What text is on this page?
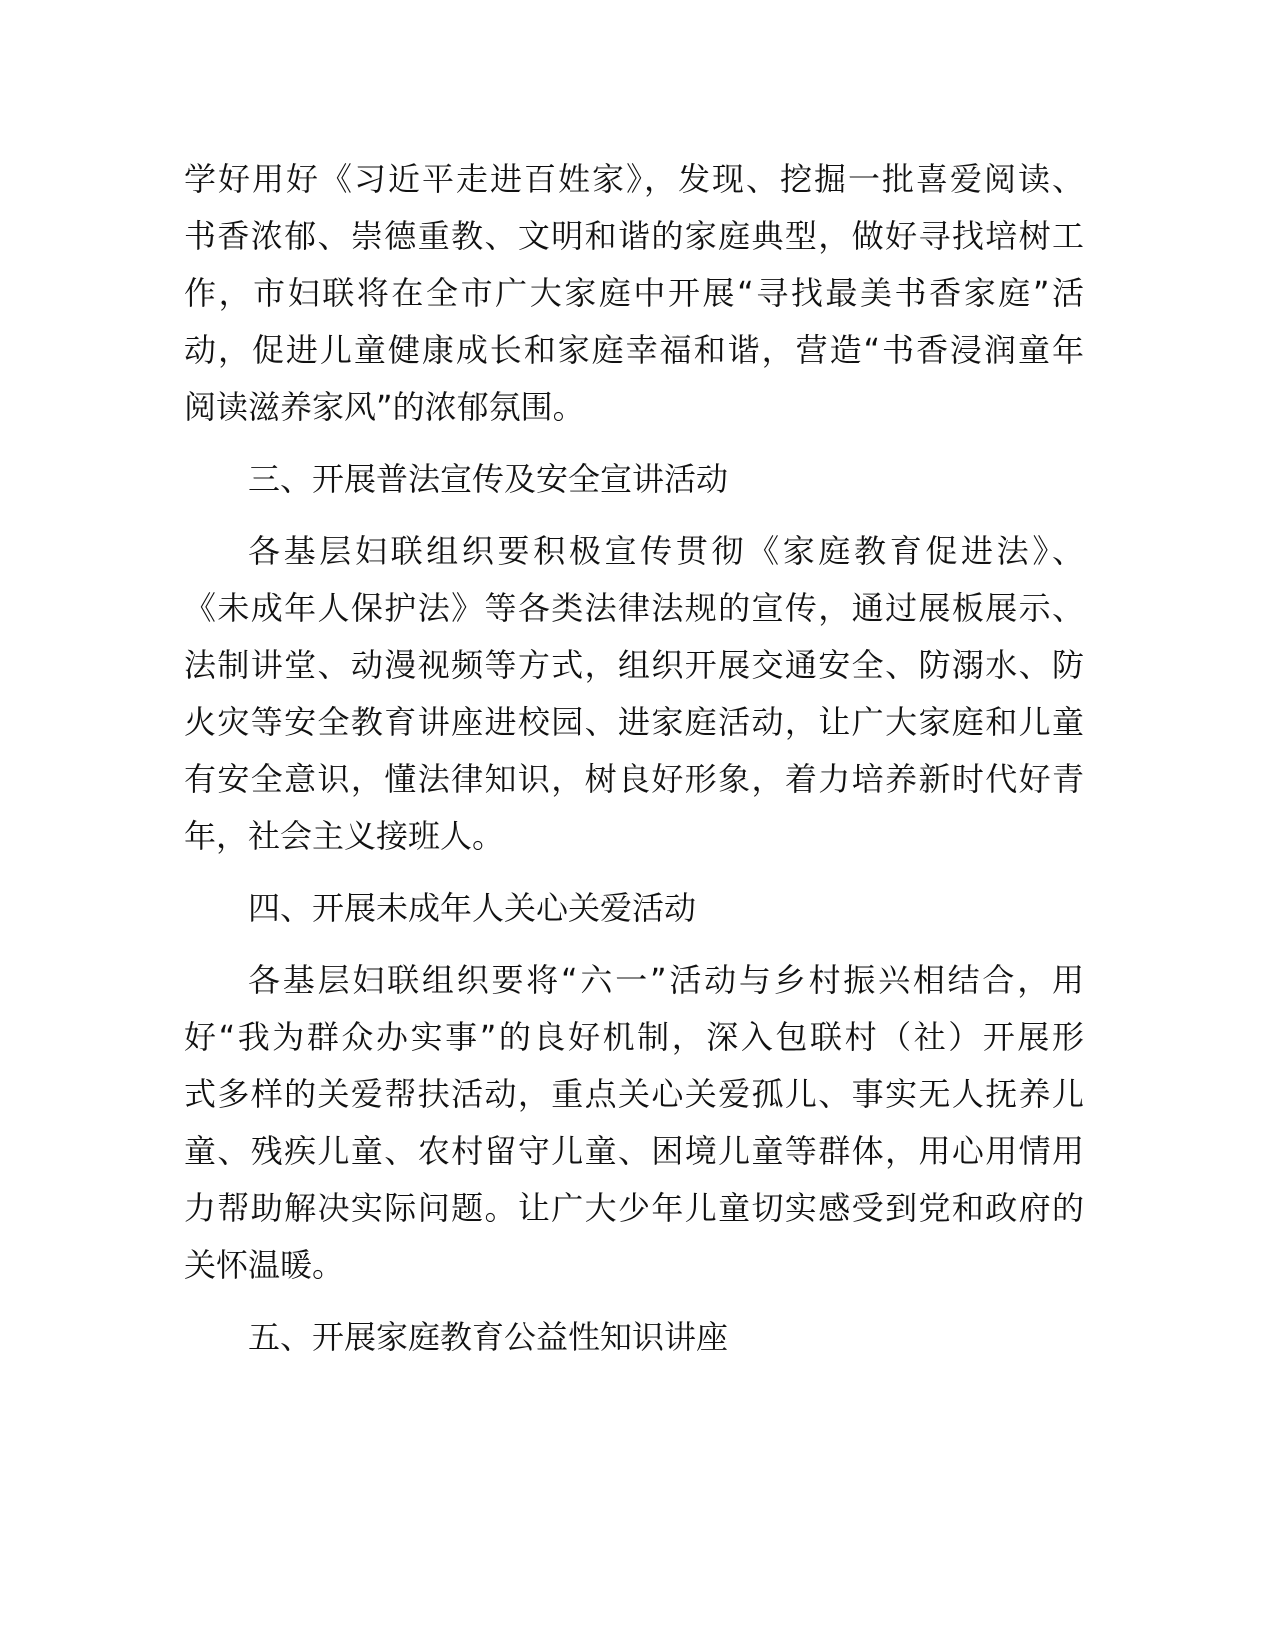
学好用好《习近平走进百姓家》，发现、挖掘一批喜爱阅读、
书香浓郁、崇德重教、文明和谐的家庭典型，做好寻找培树工
作，市妇联将在全市广大家庭中开展“寻找最美书香家庭”活
动，促进儿童健康成长和家庭幸福和谐，营造“书香浸润童年
阅读滋养家风”的浓郁氛围。
三、开展普法宣传及安全宣讲活动
各基层妇联组织要积极宣传贯彻《家庭教育促进法》、
《未成年人保护法》等各类法律法规的宣传，通过展板展示、
法制讲堂、动漫视频等方式，组织开展交通安全、防溺水、防
火灾等安全教育讲座进校园、进家庭活动，让广大家庭和儿童
有安全意识，懂法律知识，树良好形象，着力培养新时代好青
年，社会主义接班人。
四、开展未成年人关心关爱活动
各基层妇联组织要将“六一”活动与乡村振兴相结合，用
好“我为群众办实事”的良好机制，深入包联村（社）开展形
式多样的关爱帮扶活动，重点关心关爱孤儿、事实无人抚养儿
童、残疾儿童、农村留守儿童、困境儿童等群体，用心用情用
力帮助解决实际问题。让广大少年儿童切实感受到党和政府的
关怀温暖。
五、开展家庭教育公益性知识讲座
